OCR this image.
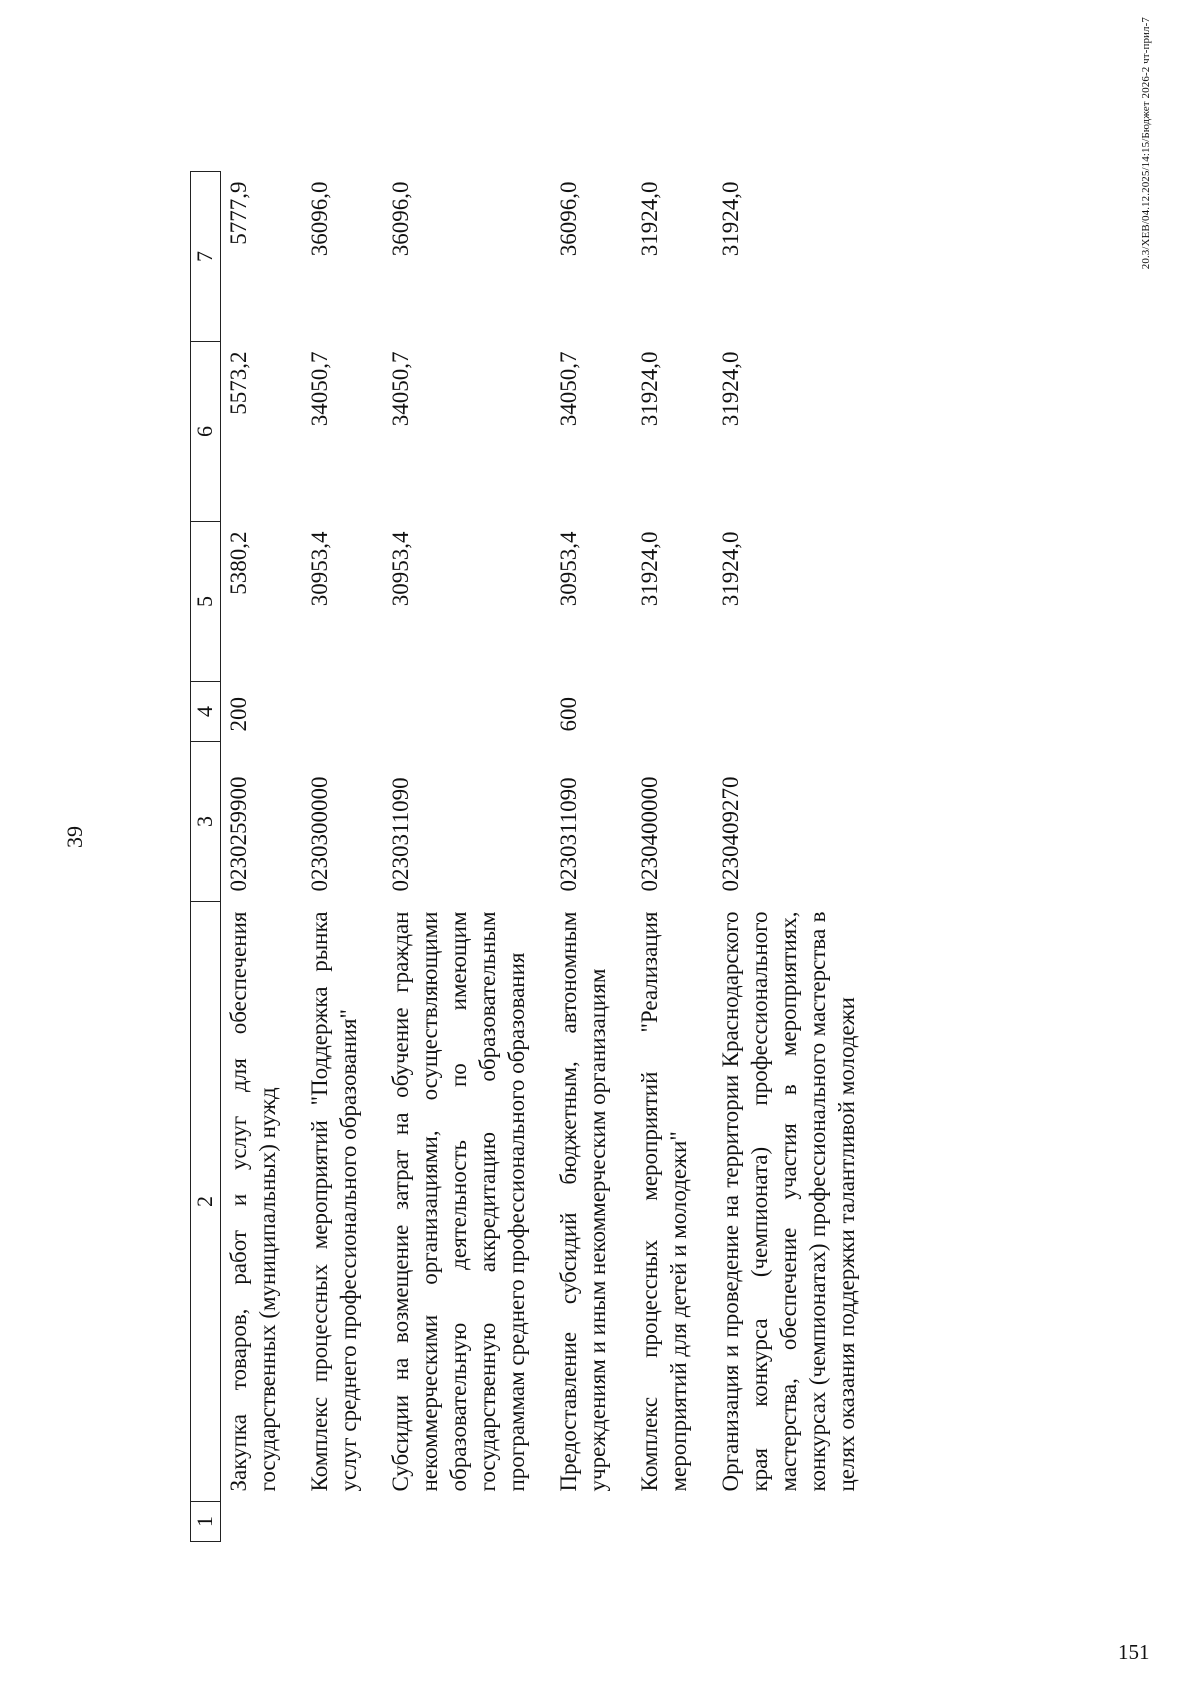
39
1	2	3	4	5	6	7
	Закупка товаров, работ и услуг для обеспечения государственных (муниципальных) нужд	0230259900	200	5380,2	5573,2	5777,9
	Комплекс процессных мероприятий "Поддержка рынка услуг среднего профессионального образования"	0230300000		30953,4	34050,7	36096,0
	Субсидии на возмещение затрат на обучение граждан некоммерческими организациями, осуществляющими образовательную деятельность по имеющим государственную аккредитацию образовательным программам среднего профессионального образования	0230311090		30953,4	34050,7	36096,0
	Предоставление субсидий бюджетным, автономным учреждениям и иным некоммерческим организациям	0230311090	600	30953,4	34050,7	36096,0
	Комплекс процессных мероприятий "Реализация мероприятий для детей и молодежи"	0230400000		31924,0	31924,0	31924,0
	Организация и проведение на территории Краснодарского края конкурса (чемпионата) профессионального мастерства, обеспечение участия в мероприятиях, конкурсах (чемпионатах) профессионального мастерства в целях оказания поддержки талантливой молодежи	0230409270		31924,0	31924,0	31924,0	20.3/XEB/04.12.2025/14:15/Бюджет 2026-2 чт-прил-7
151
